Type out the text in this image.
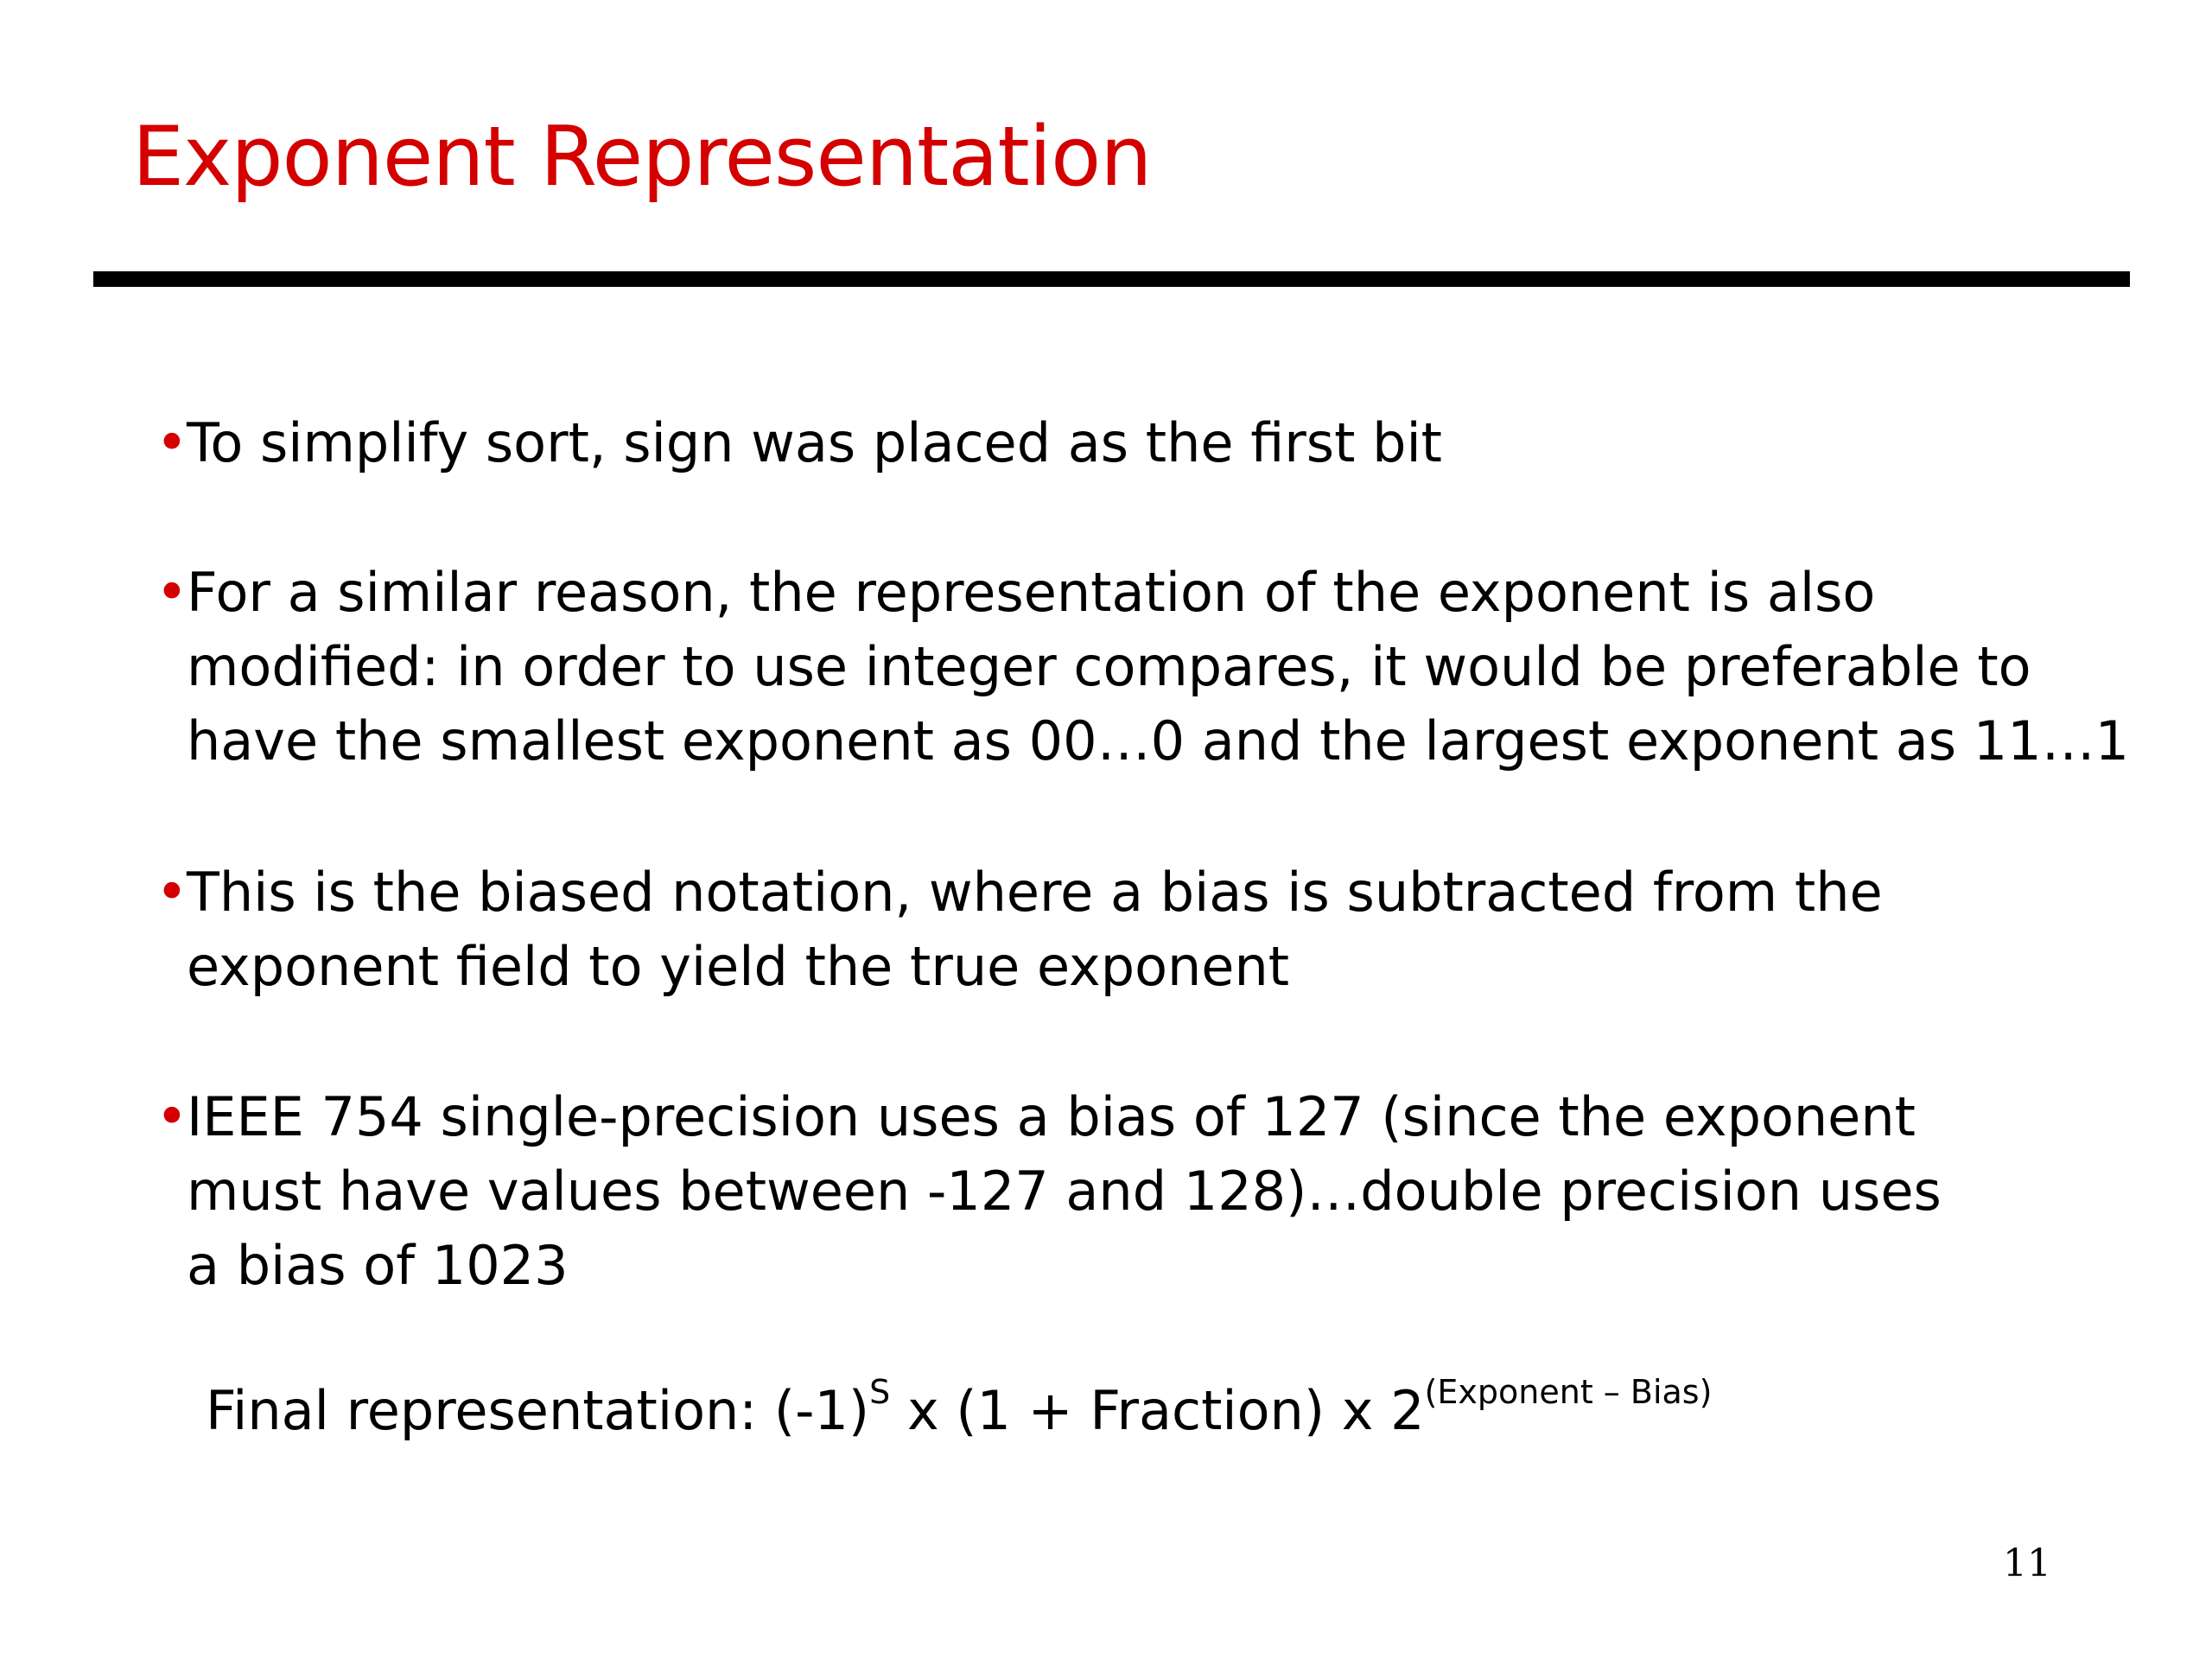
Exponent Representation
•
To simplify sort, sign was placed as the first bit
•
For a similar reason, the representation of the exponent is also
modified: in order to use integer compares, it would be preferable to
have the smallest exponent as 00…0 and the largest exponent as 11…1
•
This is the biased notation, where a bias is subtracted from the
exponent field to yield the true exponent
•
IEEE 754 single-precision uses a bias of 127 (since the exponent
must have values between -127 and 128)…double precision uses
a bias of 1023
Final representation: $(-1)^S$ x (1 + Fraction) x $2^{(Exponent - Bias)}$
11
